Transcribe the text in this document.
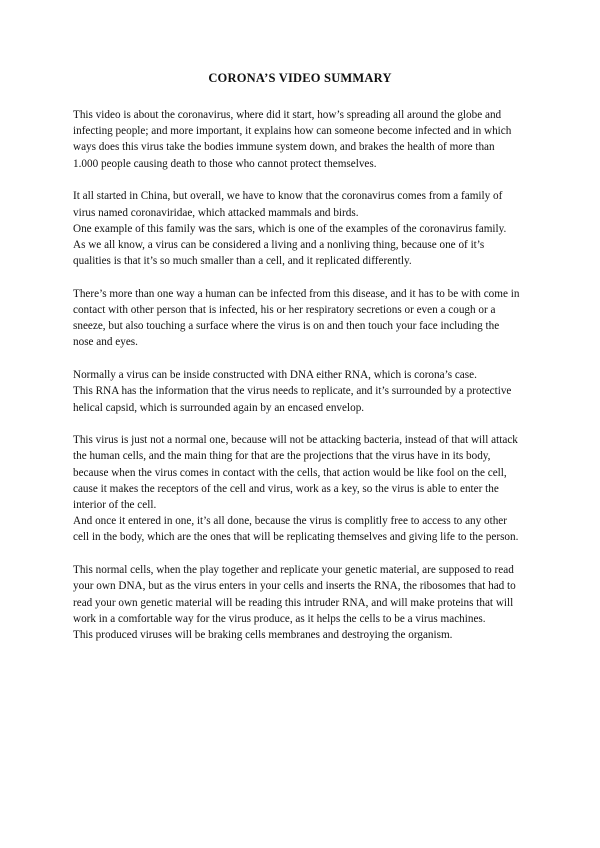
CORONA’S VIDEO SUMMARY

This video is about the coronavirus, where did it start, how’s spreading all around the globe and
infecting people; and more important, it explains how can someone become infected and in which
ways does this virus take the bodies immune system down, and brakes the health of more than
1.000 people causing death to those who cannot protect themselves.

It all started in China, but overall, we have to know that the coronavirus comes from a family of
virus named coronaviridae, which attacked mammals and birds.
One example of this family was the sars, which is one of the examples of the coronavirus family.
As we all know, a virus can be considered a living and a nonliving thing, because one of it’s
qualities is that it’s so much smaller than a cell, and it replicated differently.

There’s more than one way a human can be infected from this disease, and it has to be with come in
contact with other person that is infected, his or her respiratory secretions or even a cough or a
sneeze, but also touching a surface where the virus is on and then touch your face including the
nose and eyes.

Normally a virus can be inside constructed with DNA either RNA, which is corona’s case.
This RNA has the information that the virus needs to replicate, and it’s surrounded by a protective
helical capsid, which is surrounded again by an encased envelop.

This virus is just not a normal one, because will not be attacking bacteria, instead of that will attack
the human cells, and the main thing for that are the projections that the virus have in its body,
because when the virus comes in contact with the cells, that action would be like fool on the cell,
cause it makes the receptors of the cell and virus, work as a key, so the virus is able to enter the
interior of the cell.
And once it entered in one, it’s all done, because the virus is complitly free to access to any other
cell in the body, which are the ones that will be replicating themselves and giving life to the person.

This normal cells, when the play together and replicate your genetic material, are supposed to read
your own DNA, but as the virus enters in your cells and inserts the RNA, the ribosomes that had to
read your own genetic material will be reading this intruder RNA, and will make proteins that will
work in a comfortable way for the virus produce, as it helps the cells to be a virus machines.
This produced viruses will be braking cells membranes and destroying the organism.
